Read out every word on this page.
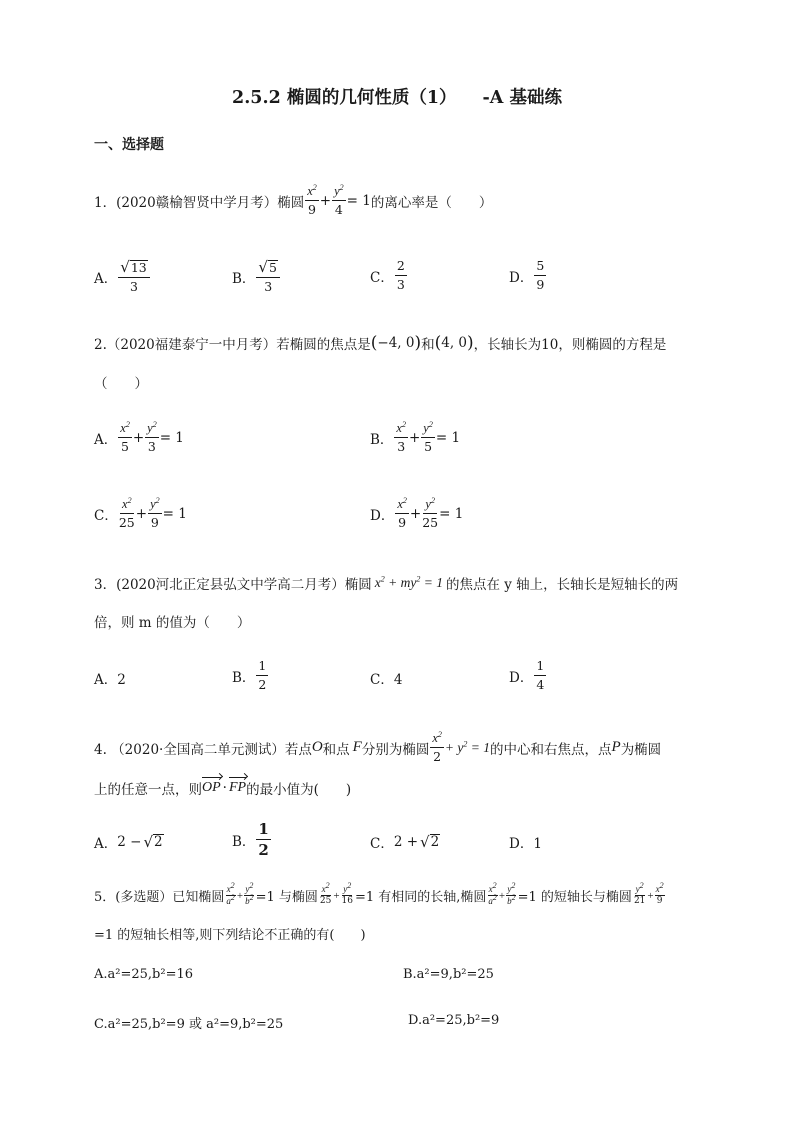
2.5.2 椭圆的几何性质（1） -A 基础练
一、选择题
1．(2020赣榆智贤中学月考）椭圆 $\frac{x^2}{9} + \frac{y^2}{4} = 1$ 的离心率是（　　）
A． $\frac{√ 13}{3}$	B． $\frac{√ 5}{3}$	C． $\frac{2}{3}$	D． $\frac{5}{9}$
2.（2020福建泰宁一中月考）若椭圆的焦点是 ( −4, 0 ) 和 ( 4, 0 ) ，长轴长为10，则椭圆的方程是
（　　）
A． $\frac{x^2}{5} + \frac{y^2}{3} = 1$	B． $\frac{x^2}{3} + \frac{y^2}{5} = 1$
C． $\frac{x^2}{25} + \frac{y^2}{9} = 1$	D． $\frac{x^2}{9} + \frac{y^2}{25} = 1$
3．(2020河北正定县弘文中学高二月考）椭圆 $x^2 + my^2 = 1$ 的焦点在 y 轴上，长轴长是短轴长的两
倍，则 m 的值为（　　）
A．2	B． $\frac{1}{2}$	C．4	D． $\frac{1}{4}$
4. （2020·全国高二单元测试）若点 O 和点 F 分别为椭圆 $\frac{x^2}{2} + y^2 = 1$ 的中心和右焦点，点 P 为椭圆
上的任意一点，则 OP · FP 的最小值为(　　)
A． 2 − √ 2	B． $\frac{1}{2}$	C． 2 + √ 2	D．1
5．(多选题）已知椭圆 $\frac{x^2}{a^2} + \frac{y^2}{b^2} =1$ 与椭圆 $\frac{x^2}{25} + \frac{y^2}{16} =1$ 有相同的长轴,椭圆 $\frac{x^2}{a^2} + \frac{y^2}{b^2} =1$ 的短轴长与椭圆 $\frac{y^2}{21} + \frac{x^2}{9}$
=1 的短轴长相等,则下列结论不正确的有(　　)
A.a²=25,b²=16	B.a²=9,b²=25
C.a²=25,b²=9 或 a²=9,b²=25	D.a²=25,b²=9
